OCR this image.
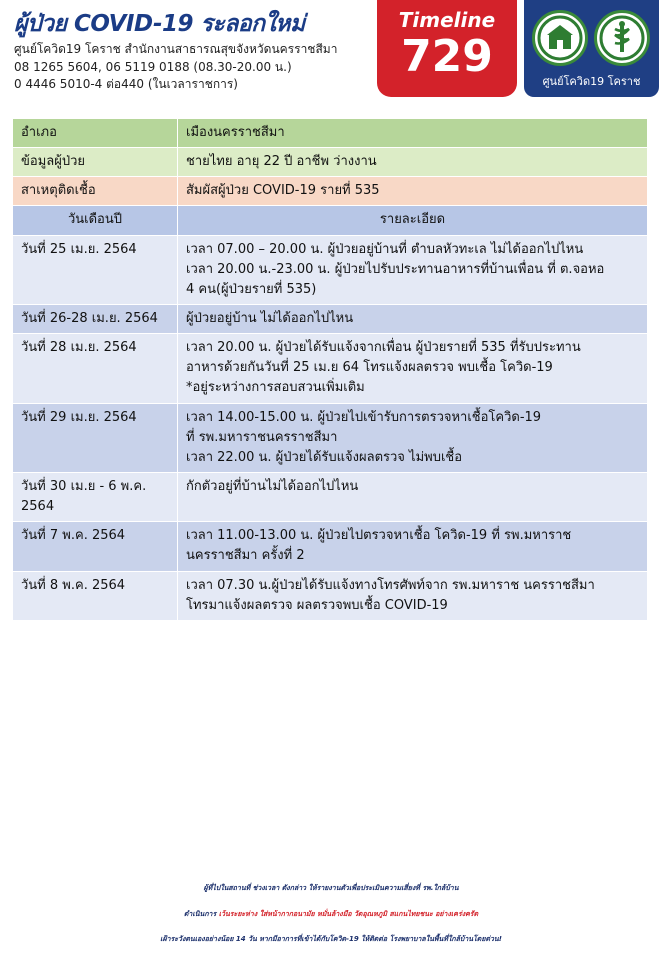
ผู้ป่วย COVID-19 ระลอกใหม่
ศูนย์โควิด19 โคราช สำนักงานสาธารณสุขจังหวัดนครราชสีมา
08 1265 5604, 06 5119 0188 (08.30-20.00 น.)
0 4446 5010-4 ต่อ440 (ในเวลาราชการ)
Timeline
729	ศูนย์โควิด19 โคราช
อำเภอ	เมืองนครราชสีมา
ข้อมูลผู้ป่วย	ชายไทย อายุ 22 ปี อาชีพ ว่างงาน
สาเหตุติดเชื้อ	สัมผัสผู้ป่วย COVID-19 รายที่ 535
วันเดือนปี	รายละเอียด
วันที่ 25 เม.ย. 2564	เวลา 07.00 – 20.00 น. ผู้ป่วยอยู่บ้านที่ ตำบลหัวทะเล ไม่ได้ออกไปไหน
เวลา 20.00 น.-23.00 น. ผู้ป่วยไปรับประทานอาหารที่บ้านเพื่อน ที่ ต.จอหอ
4 คน(ผู้ป่วยรายที่ 535)

วันที่ 26-28 เม.ย. 2564	ผู้ป่วยอยู่บ้าน ไม่ได้ออกไปไหน

วันที่ 28 เม.ย. 2564	เวลา 20.00 น. ผู้ป่วยได้รับแจ้งจากเพื่อน ผู้ป่วยรายที่ 535 ที่รับประทาน
อาหารด้วยกันวันที่ 25 เม.ย 64 โทรแจ้งผลตรวจ พบเชื้อ โควิด-19
*อยู่ระหว่างการสอบสวนเพิ่มเติม

วันที่ 29 เม.ย. 2564	เวลา 14.00-15.00 น. ผู้ป่วยไปเข้ารับการตรวจหาเชื้อโควิด-19
ที่ รพ.มหาราชนครราชสีมา
เวลา 22.00 น. ผู้ป่วยได้รับแจ้งผลตรวจ ไม่พบเชื้อ

วันที่ 30 เม.ย - 6 พ.ค. 2564	กักตัวอยู่ที่บ้านไม่ได้ออกไปไหน

วันที่ 7 พ.ค. 2564	เวลา 11.00-13.00 น. ผู้ป่วยไปตรวจหาเชื้อ โควิด-19 ที่ รพ.มหาราช
นครราชสีมา ครั้งที่ 2

วันที่ 8 พ.ค. 2564	เวลา 07.30 น.ผู้ป่วยได้รับแจ้งทางโทรศัพท์จาก รพ.มหาราช นครราชสีมา
โทรมาแจ้งผลตรวจ ผลตรวจพบเชื้อ COVID-19
ผู้ที่ไปในสถานที่ ช่วงเวลา ดังกล่าว ให้รายงานตัวเพื่อประเมินความเสี่ยงที่ รพ.ใกล้บ้าน
ดำเนินการ เว้นระยะห่าง ใส่หน้ากากอนามัย หมั่นล้างมือ วัดอุณหภูมิ สแกนไทยชนะ อย่างเคร่งครัด
เฝ้าระวังตนเองอย่างน้อย 14 วัน หากมีอาการที่เข้าได้กับโควิด-19 ให้ติดต่อ โรงพยาบาลในพื้นที่ใกล้บ้านโดยด่วน!
